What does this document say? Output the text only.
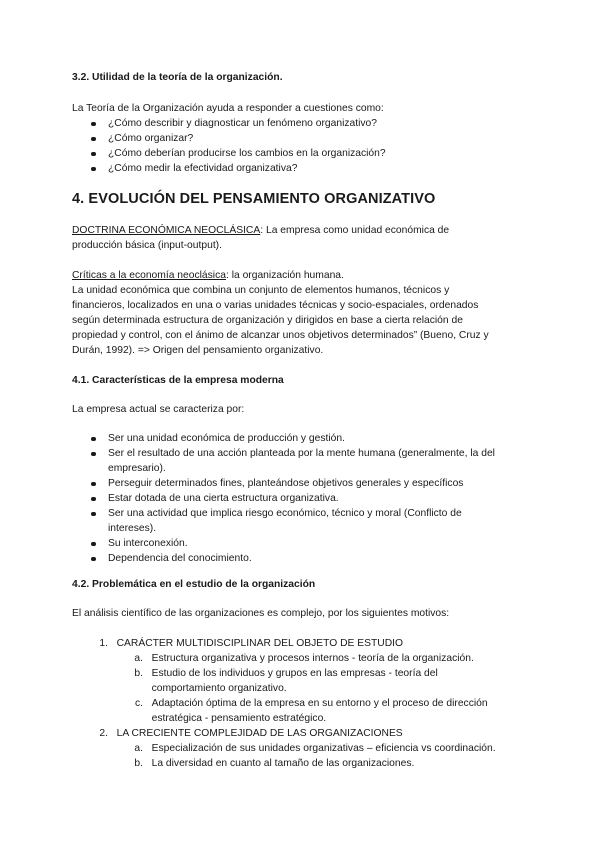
3.2. Utilidad de la teoría de la organización.
La Teoría de la Organización ayuda a responder a cuestiones como:
¿Cómo describir y diagnosticar un fenómeno organizativo?
¿Cómo organizar?
¿Cómo deberían producirse los cambios en la organización?
¿Cómo medir la efectividad organizativa?
4. EVOLUCIÓN DEL PENSAMIENTO ORGANIZATIVO
DOCTRINA ECONÓMICA NEOCLÁSICA: La empresa como unidad económica de
producción básica (input-output).
Críticas a la economía neoclásica: la organización humana.
La unidad económica que combina un conjunto de elementos humanos, técnicos y
financieros, localizados en una o varias unidades técnicas y socio-espaciales, ordenados
según determinada estructura de organización y dirigidos en base a cierta relación de
propiedad y control, con el ánimo de alcanzar unos objetivos determinados” (Bueno, Cruz y
Durán, 1992). => Origen del pensamiento organizativo.
4.1. Características de la empresa moderna
La empresa actual se caracteriza por:
Ser una unidad económica de producción y gestión.
Ser el resultado de una acción planteada por la mente humana (generalmente, la del
empresario).
Perseguir determinados fines, planteándose objetivos generales y específicos
Estar dotada de una cierta estructura organizativa.
Ser una actividad que implica riesgo económico, técnico y moral (Conflicto de
intereses).
Su interconexión.
Dependencia del conocimiento.
4.2. Problemática en el estudio de la organización
El análisis científico de las organizaciones es complejo, por los siguientes motivos:
1. CARÁCTER MULTIDISCIPLINAR DEL OBJETO DE ESTUDIO
a. Estructura organizativa y procesos internos - teoría de la organización.
b. Estudio de los individuos y grupos en las empresas - teoría del
comportamiento organizativo.
c. Adaptación óptima de la empresa en su entorno y el proceso de dirección
estratégica - pensamiento estratégico.
2. LA CRECIENTE COMPLEJIDAD DE LAS ORGANIZACIONES
a. Especialización de sus unidades organizativas – eficiencia vs coordinación.
b. La diversidad en cuanto al tamaño de las organizaciones.
